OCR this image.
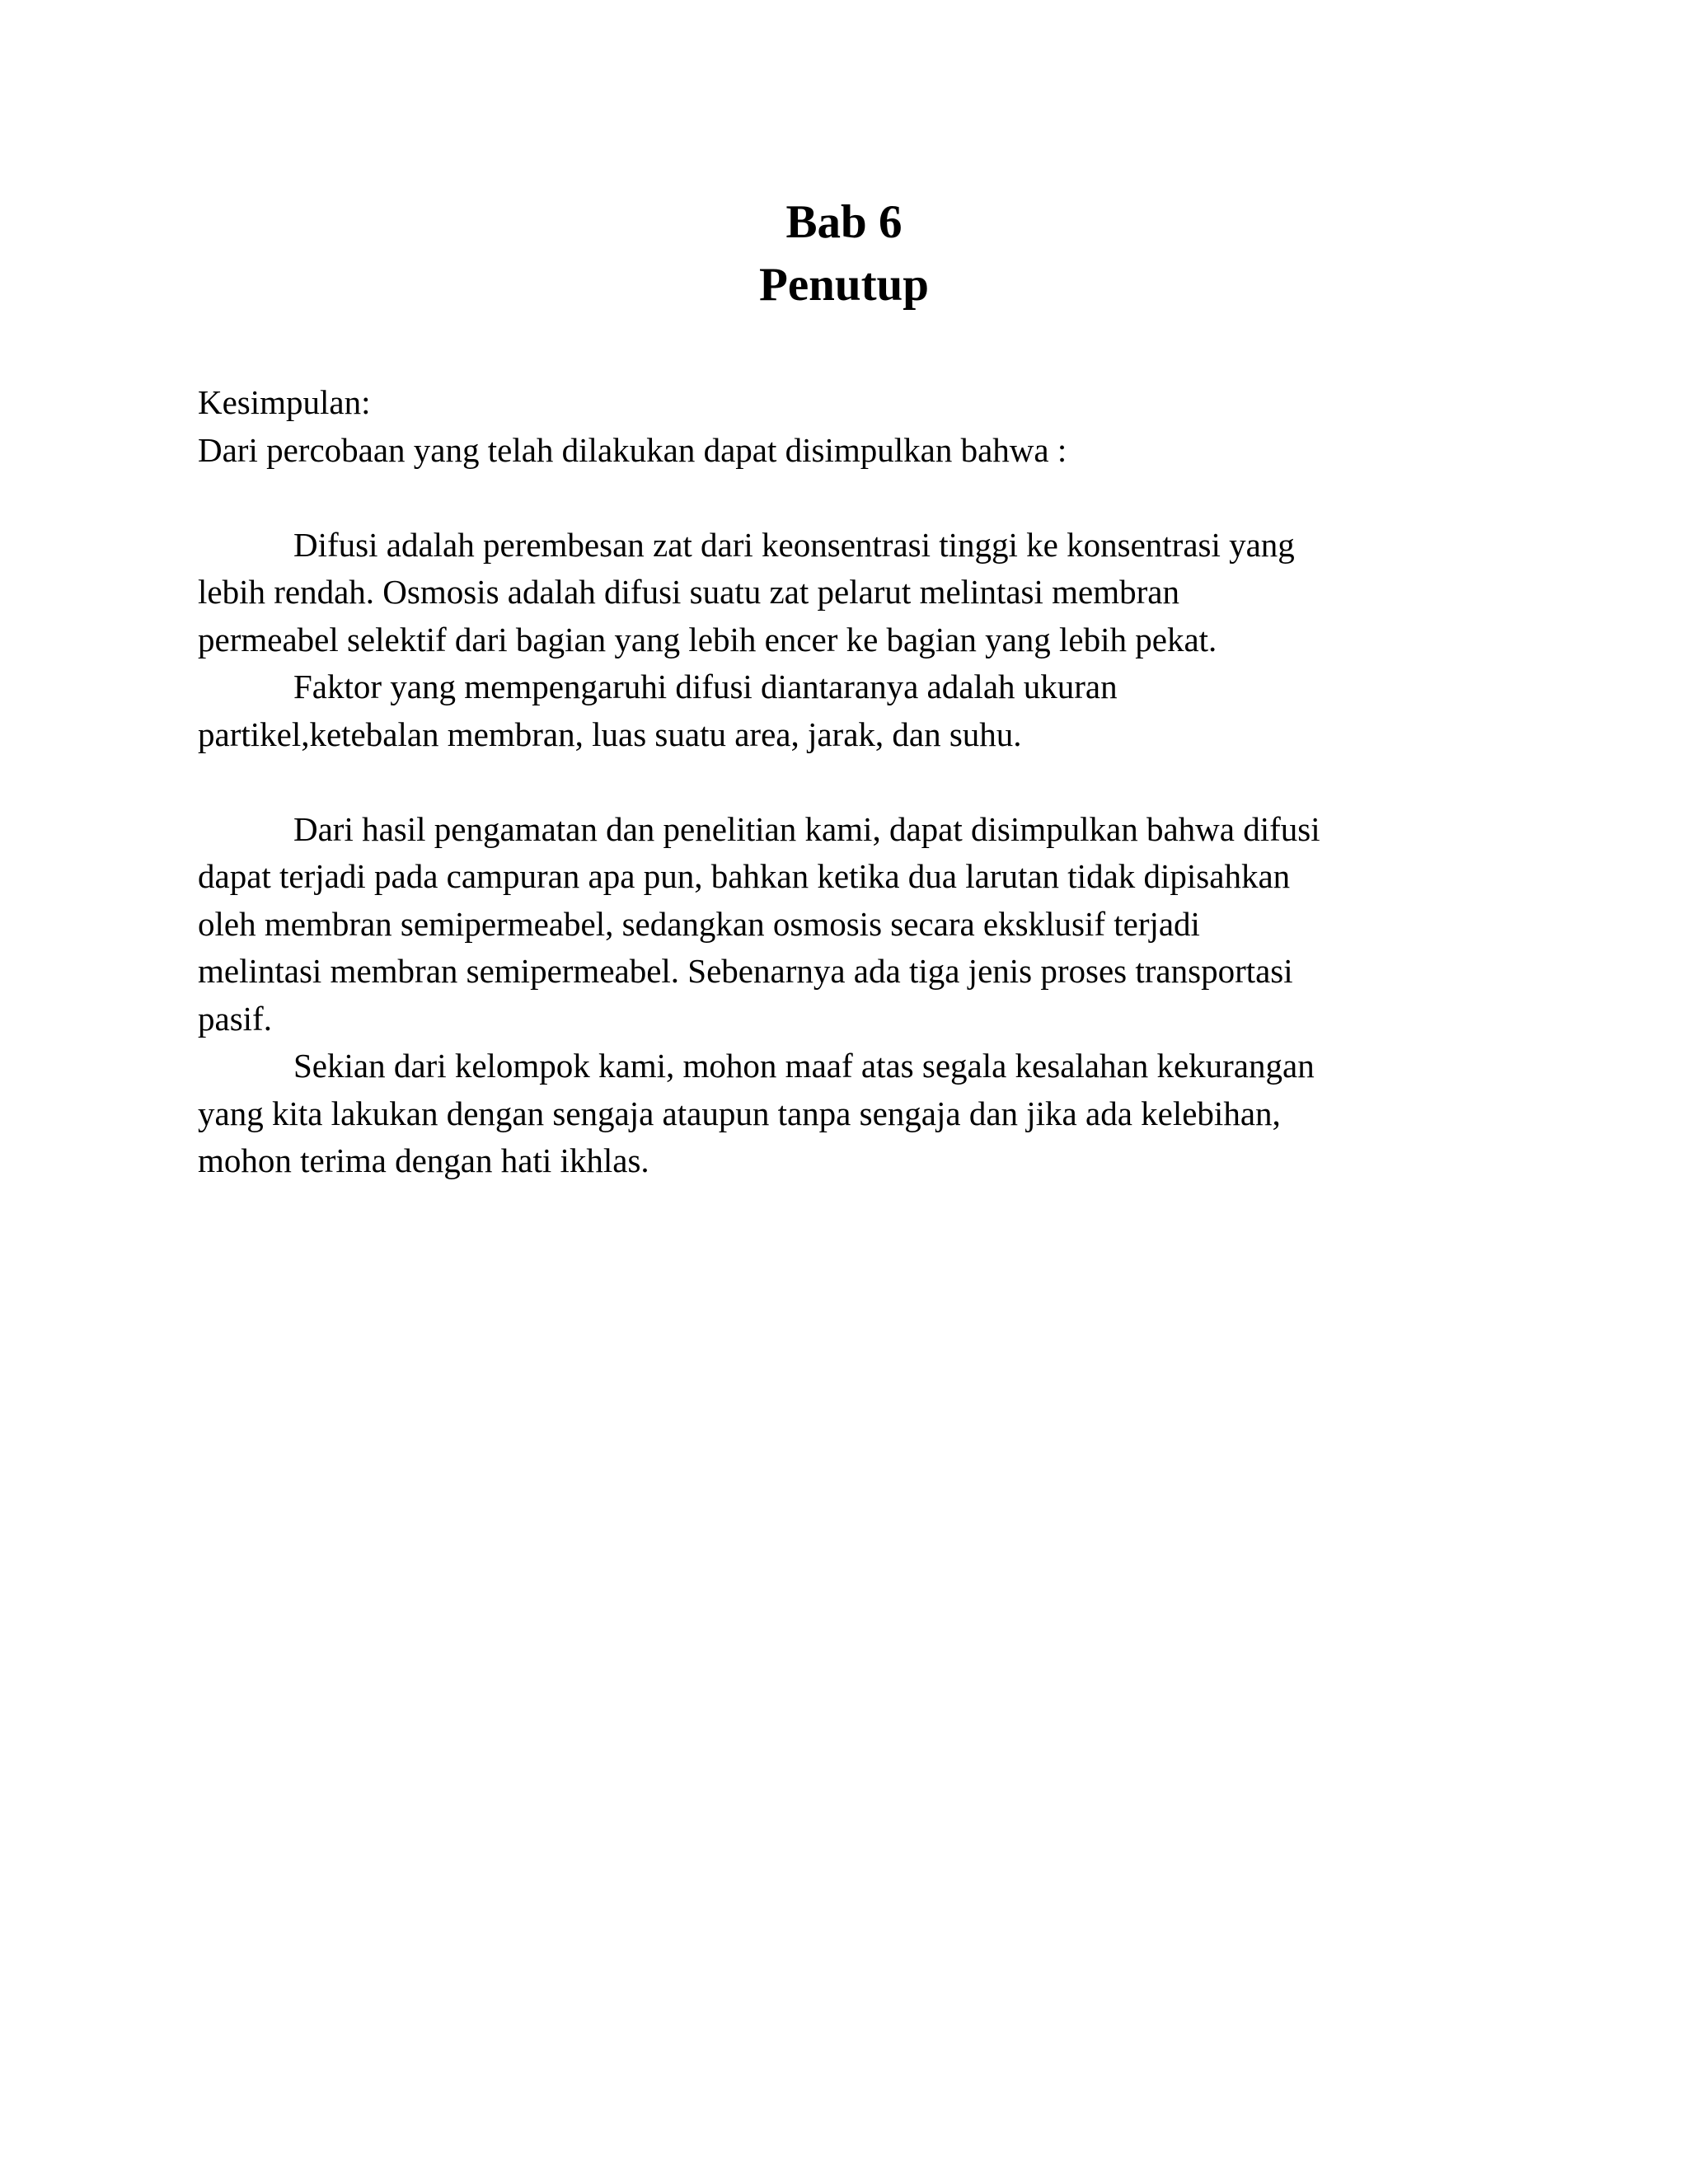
Bab 6
Penutup
Kesimpulan:
Dari percobaan yang telah dilakukan dapat disimpulkan bahwa :
Difusi adalah perembesan zat dari keonsentrasi tinggi ke konsentrasi yang
lebih rendah. Osmosis adalah difusi suatu zat pelarut melintasi membran
permeabel selektif dari bagian yang lebih encer ke bagian yang lebih pekat.
Faktor yang mempengaruhi difusi diantaranya adalah ukuran
partikel,ketebalan membran, luas suatu area, jarak, dan suhu.
Dari hasil pengamatan dan penelitian kami, dapat disimpulkan bahwa difusi
dapat terjadi pada campuran apa pun, bahkan ketika dua larutan tidak dipisahkan
oleh membran semipermeabel, sedangkan osmosis secara eksklusif terjadi
melintasi membran semipermeabel. Sebenarnya ada tiga jenis proses transportasi
pasif.
Sekian dari kelompok kami, mohon maaf atas segala kesalahan kekurangan
yang kita lakukan dengan sengaja ataupun tanpa sengaja dan jika ada kelebihan,
mohon terima dengan hati ikhlas.
